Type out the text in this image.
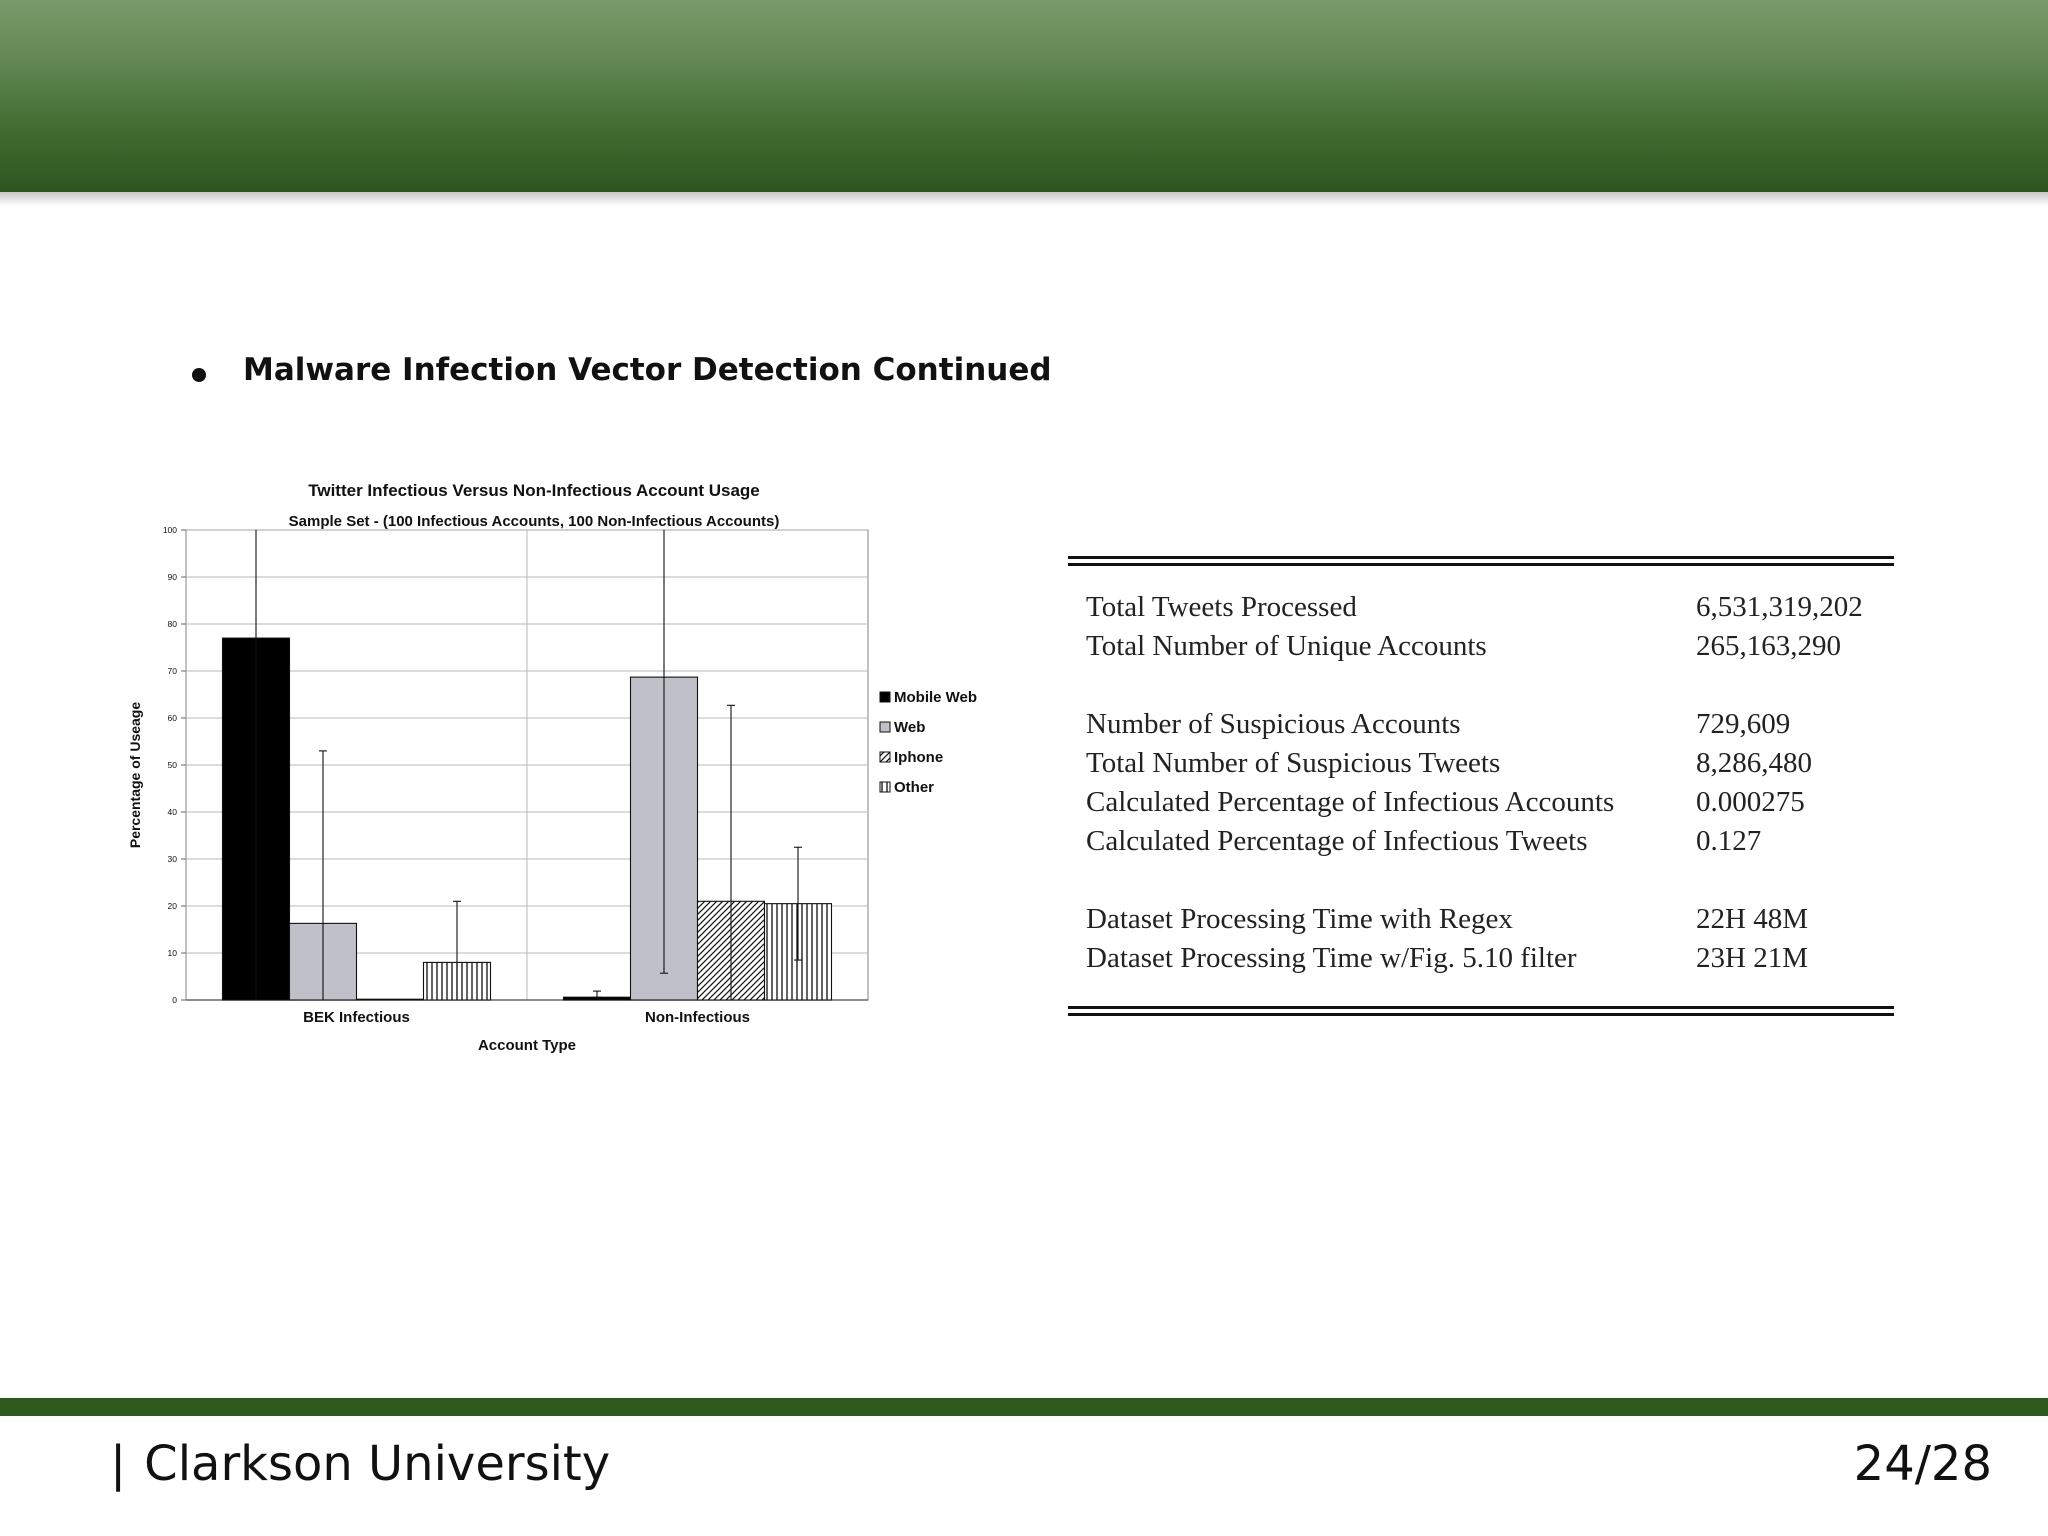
Malware Infection Vector Detection Continued
Twitter Infectious Versus Non-Infectious Account Usage
Sample Set - (100 Infectious Accounts, 100 Non-Infectious Accounts)
Percentage of Useage
Account Type
0
10
20
30
40
50
60
70
80
90
100
BEK Infectious	Non-Infectious
Mobile Web
Web
Iphone
Other
Total Tweets Processed	6,531,319,202
Total Number of Unique Accounts	265,163,290
Number of Suspicious Accounts	729,609
Total Number of Suspicious Tweets	8,286,480
Calculated Percentage of Infectious Accounts	0.000275
Calculated Percentage of Infectious Tweets	0.127
Dataset Processing Time with Regex	22H 48M
Dataset Processing Time w/Fig. 5.10 filter	23H 21M
| Clarkson University	24/28
